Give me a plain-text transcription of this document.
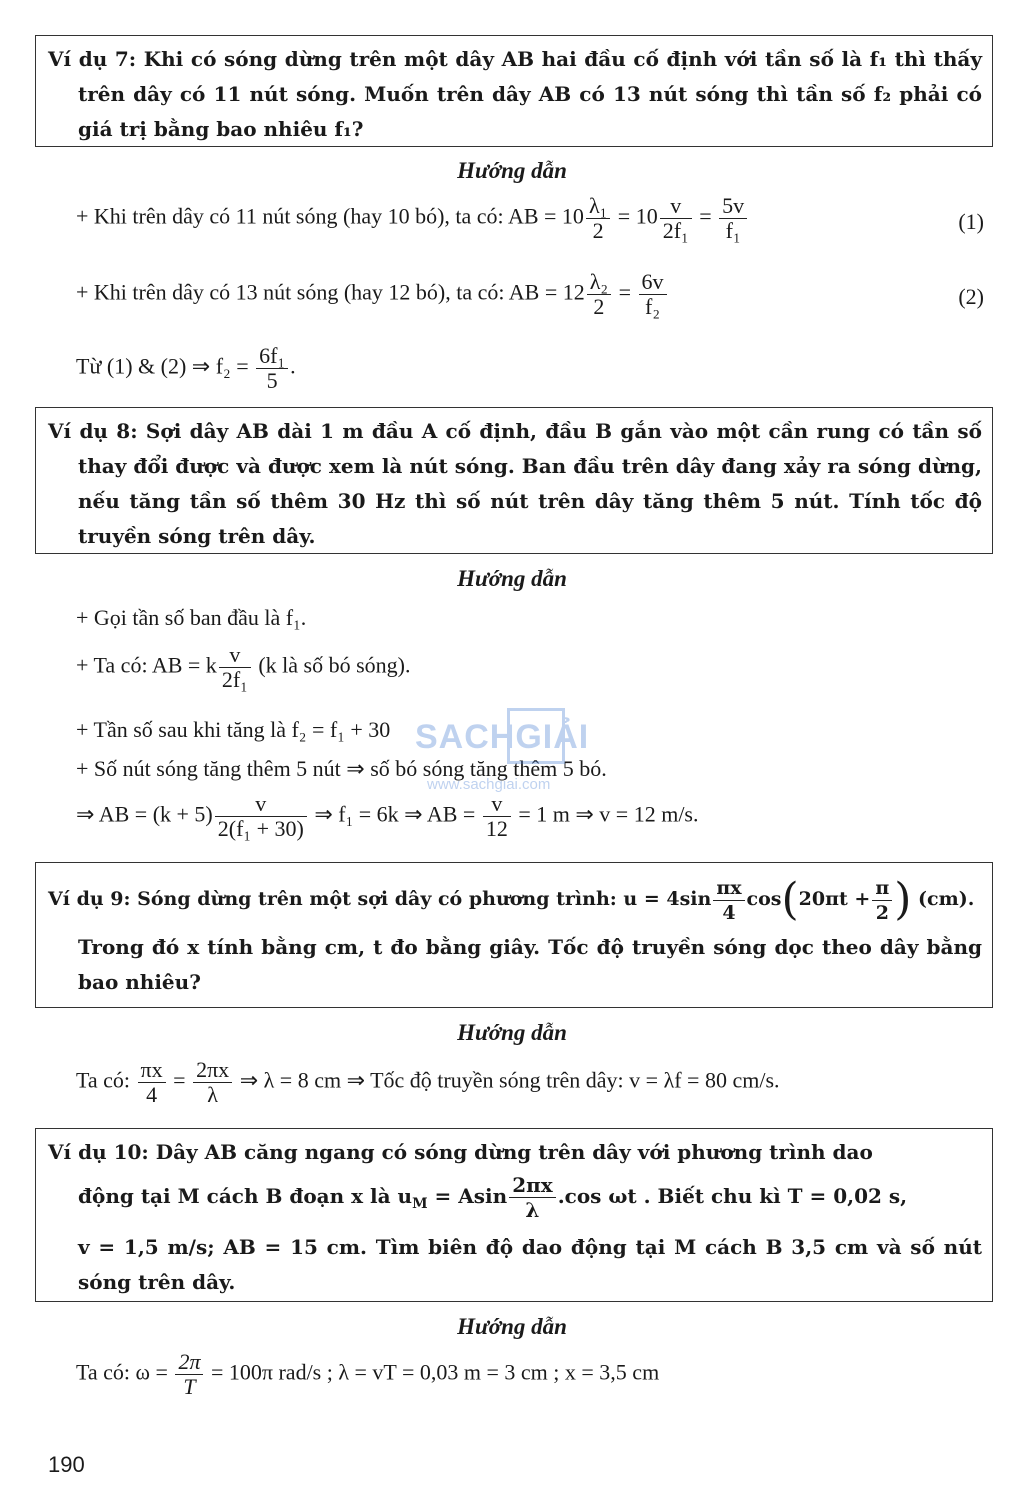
Ví dụ 7: Khi có sóng dừng trên một dây AB hai đầu cố định với tần số là f₁ thì thấy trên dây có 11 nút sóng. Muốn trên dây AB có 13 nút sóng thì tần số f₂ phải có giá trị bằng bao nhiêu f₁?

Hướng dẫn
+ Khi trên dây có 11 nút sóng (hay 10 bó), ta có: AB = $10 \frac{\text{λ₁}}{2} = 10 \frac{v}{\text{2f₁}} = \frac{5v}{\text{f₁}}$	(1)
+ Khi trên dây có 13 nút sóng (hay 12 bó), ta có: AB = $12 \frac{\text{λ₂}}{2} = \frac{6v}{\text{f₂}}$	(2)
Từ (1) & (2) ⇒ $f_2 = \frac{\text{6f₁}}{5}$ .

Ví dụ 8: Sợi dây AB dài 1 m đầu A cố định, đầu B gắn vào một cần rung có tần số thay đổi được và được xem là nút sóng. Ban đầu trên dây đang xảy ra sóng dừng, nếu tăng tần số thêm 30 Hz thì số nút trên dây tăng thêm 5 nút. Tính tốc độ truyền sóng trên dây.

Hướng dẫn
+ Gọi tần số ban đầu là f₁.
+ Ta có: AB = k $\frac{v}{\text{2f₁}} (k$ là số bó sóng).
+ Tần số sau khi tăng là f₂ = f₁ + 30
+ Số nút sóng tăng thêm 5 nút ⇒ số bó sóng tăng thêm 5 bó.
⇒ AB = $(k + 5) \frac{v}{\text{2(f₁ + 30)}}$ ⇒ f₁ = 6k ⇒ AB = $\frac{v}{12} = 1$ m ⇒ v = 12 m/s.
Ví dụ 9: Sóng dừng trên một sợi dây có phương trình: $u = 4\sin \frac{\pi x}{4} \cos(20\pi t + \frac{\pi}{2}$ ) (cm).

Trong đó x tính bằng cm, t đo bằng giây. Tốc độ truyền sóng dọc theo dây bằng bao nhiêu?

Hướng dẫn
Ta có: $\frac{\pi x}{4} = \frac{2\pi x}{\lambda}$ ⇒ λ = 8 cm ⇒ Tốc độ truyền sóng trên dây: v = λf = 80 cm/s.
Ví dụ 10: Dây AB căng ngang có sóng dừng trên dây với phương trình dao
động tại M cách B đoạn x là $u_M = Asin \frac{2\pi x}{\lambda} .\cos$ ωt . Biết chu kì T = 0,02 s,

v = 1,5 m/s; AB = 15 cm. Tìm biên độ dao động tại M cách B 3,5 cm và số nút sóng trên dây.

Hướng dẫn
Ta có: $\omega = \frac{2\pi}{T} = 100\pi$ rad/s ; λ = vT = 0,03 m = 3 cm ; x = 3,5 cm
SACHGIẢI
www.sachgiai.com
190
